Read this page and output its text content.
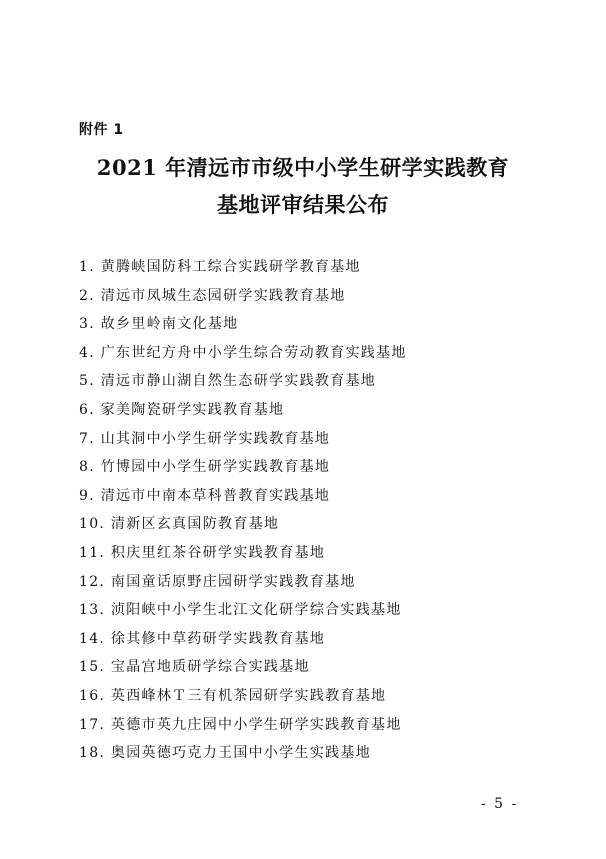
附件 1
2021 年清远市市级中小学生研学实践教育
基地评审结果公布
1. 黄腾峡国防科工综合实践研学教育基地
2. 清远市凤城生态园研学实践教育基地
3. 故乡里岭南文化基地
4. 广东世纪方舟中小学生综合劳动教育实践基地
5. 清远市静山湖自然生态研学实践教育基地
6. 家美陶瓷研学实践教育基地
7. 山其洞中小学生研学实践教育基地
8. 竹博园中小学生研学实践教育基地
9. 清远市中南本草科普教育实践基地
10. 清新区玄真国防教育基地
11. 积庆里红茶谷研学实践教育基地
12. 南国童话原野庄园研学实践教育基地
13. 浈阳峡中小学生北江文化研学综合实践基地
14. 徐其修中草药研学实践教育基地
15. 宝晶宫地质研学综合实践基地
16. 英西峰林Ｔ三有机茶园研学实践教育基地
17. 英德市英九庄园中小学生研学实践教育基地
18. 奥园英德巧克力王国中小学生实践基地
- 5 -
